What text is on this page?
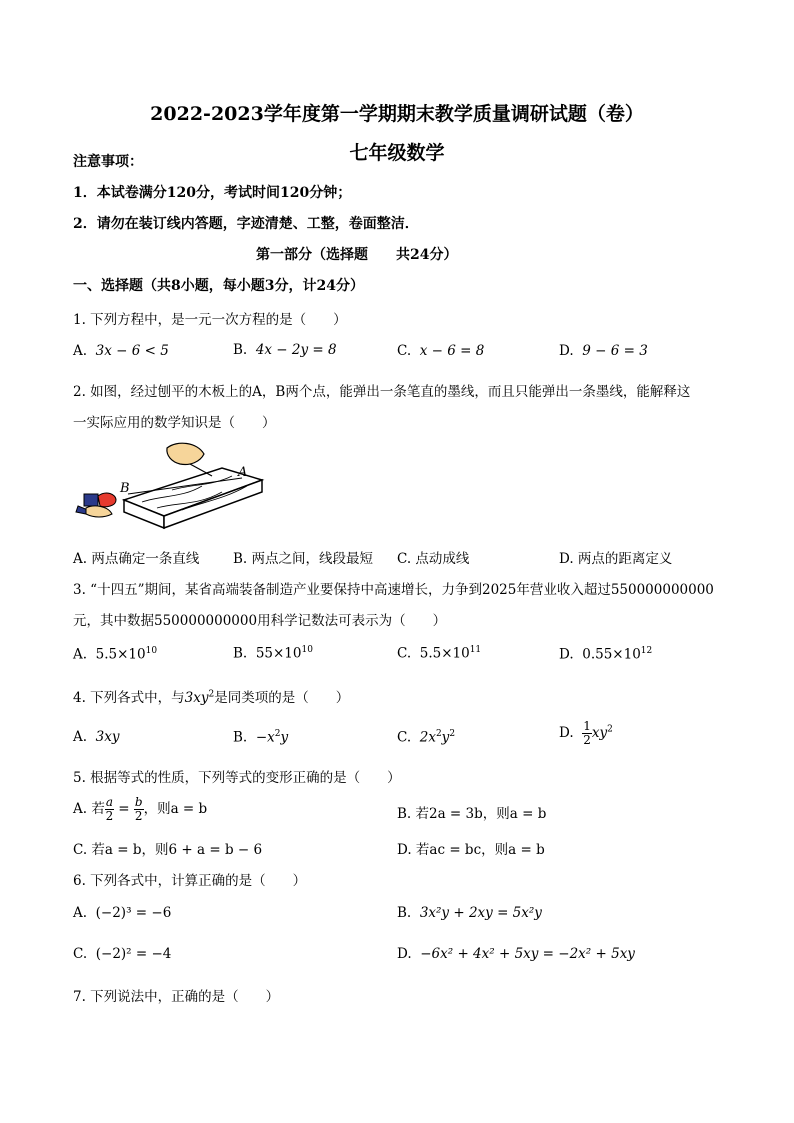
2022-2023学年度第一学期期末教学质量调研试题（卷）
七年级数学
注意事项：
1．本试卷满分120分，考试时间120分钟；
2．请勿在装订线内答题，字迹清楚、工整，卷面整洁．
第一部分（选择题　　共24分）
一、选择题（共8小题，每小题3分，计24分）
1. 下列方程中，是一元一次方程的是（　　）
A. 3x − 6 < 5	B. 4x − 2y = 8	C. x − 6 = 8	D. 9 − 6 = 3
2. 如图，经过刨平的木板上的A，B两个点，能弹出一条笔直的墨线，而且只能弹出一条墨线，能解释这
一实际应用的数学知识是（　　）
B
A
A. 两点确定一条直线 B. 两点之间，线段最短 C. 点动成线	D. 两点的距离定义
3. “十四五”期间，某省高端装备制造产业要保持中高速增长，力争到2025年营业收入超过550000000000
元，其中数据550000000000用科学记数法可表示为（　　）
A. $5.5\times 10^{10}$	B. $55\times 10^{10}$	C. $5.5\times 10^{11}$	D. $0.55\times 10^{12}$
4. 下列各式中，与$3xy^2$是同类项的是（　　）
A. 3xy	B. $-x^2y$	C. $2x^2y^2$	D. $\frac{1}{2} xy^2$
5. 根据等式的性质，下列等式的变形正确的是（　　）
A. 若 $\frac{a}{2} = \frac{b}{2}$ ，则a = b	B. 若2a = 3b，则a = b
C. 若a = b，则6 + a = b − 6	D. 若ac = bc，则a = b
6. 下列各式中，计算正确的是（　　）
A. (−2)³ = −6	B. 3x²y + 2xy = 5x²y
C. (−2)² = −4	D. −6x² + 4x² + 5xy = −2x² + 5xy
7. 下列说法中，正确的是（　　）
